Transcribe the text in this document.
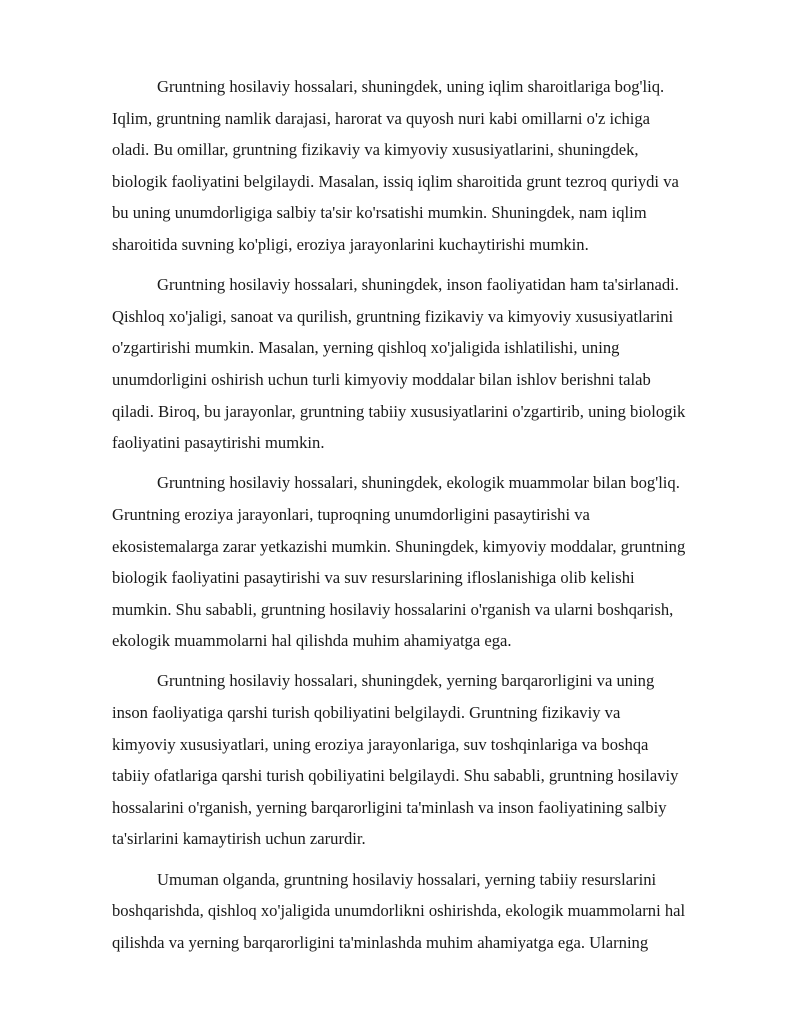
Gruntning hosilaviy hossalari, shuningdek, uning iqlim sharoitlariga bog'liq.
Iqlim, gruntning namlik darajasi, harorat va quyosh nuri kabi omillarni o'z ichiga
oladi. Bu omillar, gruntning fizikaviy va kimyoviy xususiyatlarini, shuningdek,
biologik faoliyatini belgilaydi. Masalan, issiq iqlim sharoitida grunt tezroq quriydi va
bu uning unumdorligiga salbiy ta'sir ko'rsatishi mumkin. Shuningdek, nam iqlim
sharoitida suvning ko'pligi, eroziya jarayonlarini kuchaytirishi mumkin.

Gruntning hosilaviy hossalari, shuningdek, inson faoliyatidan ham ta'sirlanadi.
Qishloq xo'jaligi, sanoat va qurilish, gruntning fizikaviy va kimyoviy xususiyatlarini
o'zgartirishi mumkin. Masalan, yerning qishloq xo'jaligida ishlatilishi, uning
unumdorligini oshirish uchun turli kimyoviy moddalar bilan ishlov berishni talab
qiladi. Biroq, bu jarayonlar, gruntning tabiiy xususiyatlarini o'zgartirib, uning biologik
faoliyatini pasaytirishi mumkin.

Gruntning hosilaviy hossalari, shuningdek, ekologik muammolar bilan bog'liq.
Gruntning eroziya jarayonlari, tuproqning unumdorligini pasaytirishi va
ekosistemalarga zarar yetkazishi mumkin. Shuningdek, kimyoviy moddalar, gruntning
biologik faoliyatini pasaytirishi va suv resurslarining ifloslanishiga olib kelishi
mumkin. Shu sababli, gruntning hosilaviy hossalarini o'rganish va ularni boshqarish,
ekologik muammolarni hal qilishda muhim ahamiyatga ega.

Gruntning hosilaviy hossalari, shuningdek, yerning barqarorligini va uning
inson faoliyatiga qarshi turish qobiliyatini belgilaydi. Gruntning fizikaviy va
kimyoviy xususiyatlari, uning eroziya jarayonlariga, suv toshqinlariga va boshqa
tabiiy ofatlariga qarshi turish qobiliyatini belgilaydi. Shu sababli, gruntning hosilaviy
hossalarini o'rganish, yerning barqarorligini ta'minlash va inson faoliyatining salbiy
ta'sirlarini kamaytirish uchun zarurdir.

Umuman olganda, gruntning hosilaviy hossalari, yerning tabiiy resurslarini
boshqarishda, qishloq xo'jaligida unumdorlikni oshirishda, ekologik muammolarni hal
qilishda va yerning barqarorligini ta'minlashda muhim ahamiyatga ega. Ularning
